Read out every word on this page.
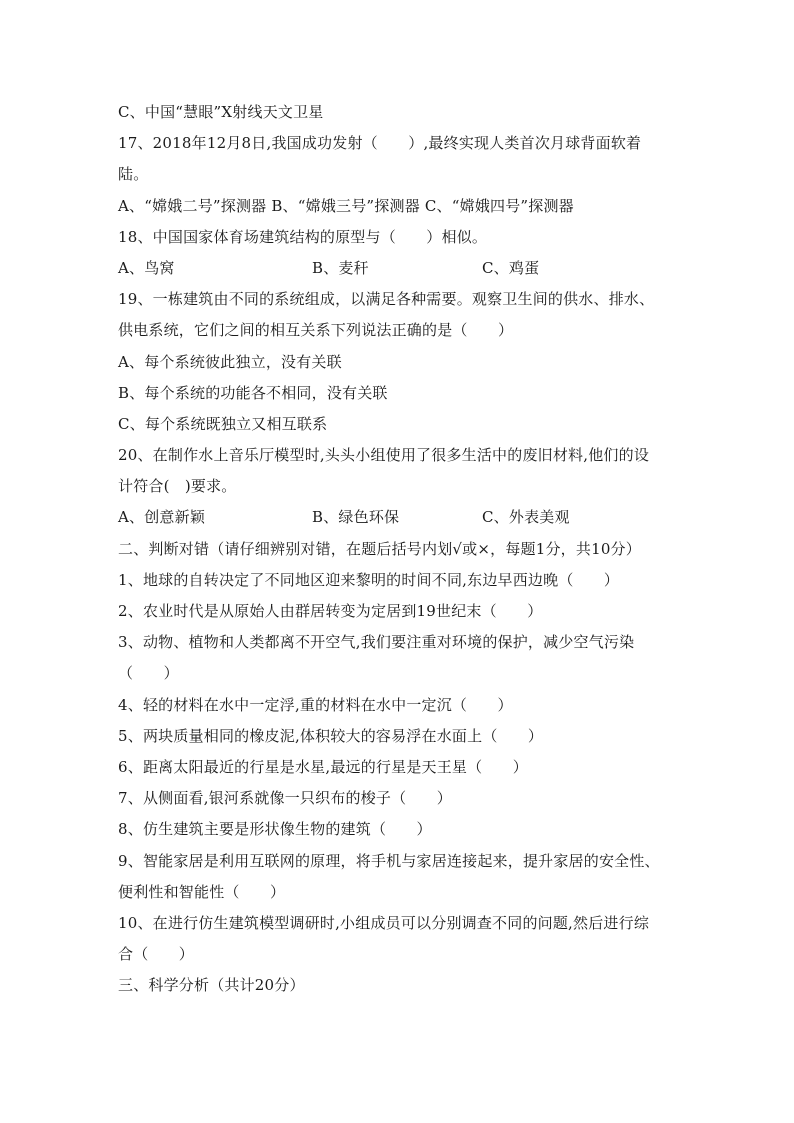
C、中国“慧眼”X射线天文卫星
17、2018年12月8日,我国成功发射（　　）,最终实现人类首次月球背面软着
陆。
A、“嫦娥二号”探测器 B、“嫦娥三号”探测器 C、“嫦娥四号”探测器
18、中国国家体育场建筑结构的原型与（　　）相似。
A、鸟窝	B、麦秆	C、鸡蛋
19、一栋建筑由不同的系统组成，以满足各种需要。观察卫生间的供水、排水、
供电系统，它们之间的相互关系下列说法正确的是（　　）
A、每个系统彼此独立，没有关联
B、每个系统的功能各不相同，没有关联
C、每个系统既独立又相互联系
20、在制作水上音乐厅模型时,头头小组使用了很多生活中的废旧材料,他们的设
计符合(　)要求。
A、创意新颖	B、绿色环保	C、外表美观
二、判断对错（请仔细辨别对错，在题后括号内划√或×，每题1分，共10分）
1、地球的自转决定了不同地区迎来黎明的时间不同,东边早西边晚（　　）
2、农业时代是从原始人由群居转变为定居到19世纪末（　　）
3、动物、植物和人类都离不开空气,我们要注重对环境的保护，减少空气污染
（　　）
4、轻的材料在水中一定浮,重的材料在水中一定沉（　　）
5、两块质量相同的橡皮泥,体积较大的容易浮在水面上（　　）
6、距离太阳最近的行星是水星,最远的行星是天王星（　　）
7、从侧面看,银河系就像一只织布的梭子（　　）
8、仿生建筑主要是形状像生物的建筑（　　）
9、智能家居是利用互联网的原理，将手机与家居连接起来，提升家居的安全性、
便利性和智能性（　　）
10、在进行仿生建筑模型调研时,小组成员可以分别调查不同的问题,然后进行综
合（　　）
三、科学分析（共计20分）
